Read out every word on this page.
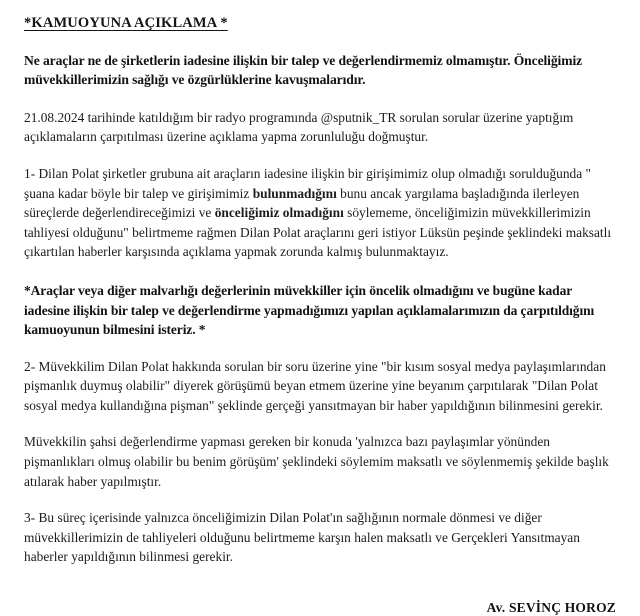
*KAMUOYUNA AÇIKLAMA *

Ne araçlar ne de şirketlerin iadesine ilişkin bir talep ve değerlendirmemiz olmamıştır. Önceliğimiz müvekkillerimizin sağlığı ve özgürlüklerine kavuşmalarıdır.

21.08.2024 tarihinde katıldığım bir radyo programında @sputnik_TR sorulan sorular üzerine yaptığım açıklamaların çarpıtılması üzerine açıklama yapma zorunluluğu doğmuştur.

1- Dilan Polat şirketler grubuna ait araçların iadesine ilişkin bir girişimimiz olup olmadığı sorulduğunda " şuana kadar böyle bir talep ve girişimimiz bulunmadığını bunu ancak yargılama başladığında ilerleyen süreçlerde değerlendireceğimizi ve önceliğimiz olmadığını söylememe, önceliğimizin müvekkillerimizin tahliyesi olduğunu" belirtmeme rağmen Dilan Polat araçlarını geri istiyor Lüksün peşinde şeklindeki maksatlı çıkartılan haberler karşısında açıklama yapmak zorunda kalmış bulunmaktayız.

*Araçlar veya diğer malvarlığı değerlerinin müvekkiller için öncelik olmadığını ve bugüne kadar iadesine ilişkin bir talep ve değerlendirme yapmadığımızı yapılan açıklamalarımızın da çarpıtıldığını kamuoyunun bilmesini isteriz. *

2- Müvekkilim Dilan Polat hakkında sorulan bir soru üzerine yine "bir kısım sosyal medya paylaşımlarından pişmanlık duymuş olabilir" diyerek görüşümü beyan etmem üzerine yine beyanım çarpıtılarak "Dilan Polat sosyal medya kullandığına pişman" şeklinde gerçeği yansıtmayan bir haber yapıldığının bilinmesini gerekir.

Müvekkilin şahsi değerlendirme yapması gereken bir konuda 'yalnızca bazı paylaşımlar yönünden pişmanlıkları olmuş olabilir bu benim görüşüm' şeklindeki söylemim maksatlı ve söylenmemiş şekilde başlık atılarak haber yapılmıştır.

3- Bu süreç içerisinde yalnızca önceliğimizin Dilan Polat'ın sağlığının normale dönmesi ve diğer müvekkillerimizin de tahliyeleri olduğunu belirtmeme karşın halen maksatlı ve Gerçekleri Yansıtmayan haberler yapıldığının bilinmesi gerekir.

Av. SEVİNÇ HOROZ
